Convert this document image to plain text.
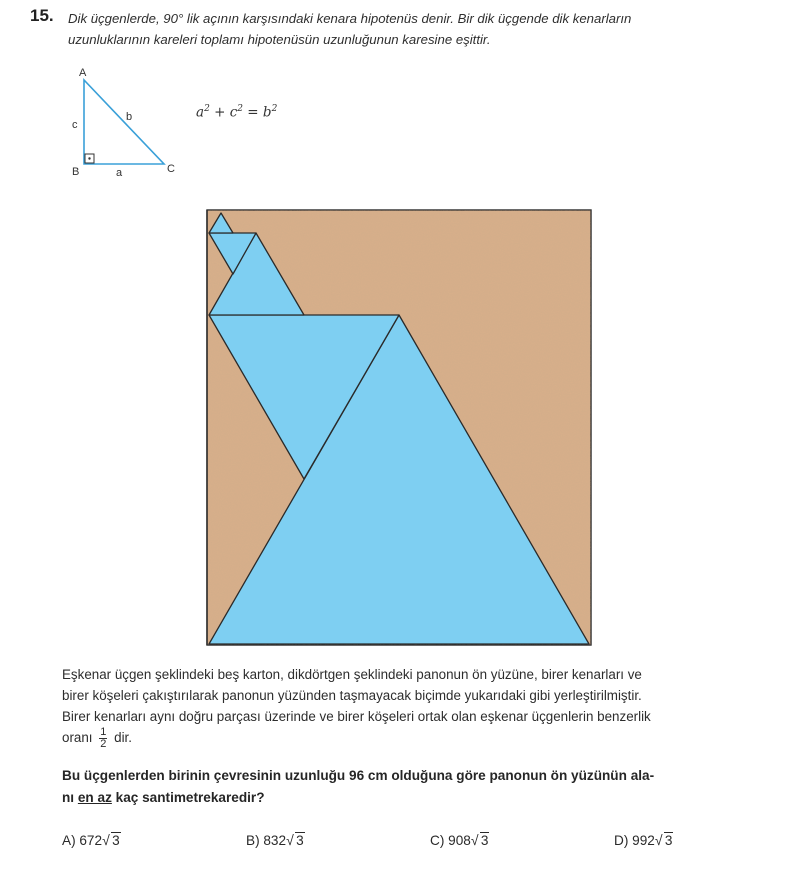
15. Dik üçgenlerde, 90° lik açının karşısındaki kenara hipotenüs denir. Bir dik üçgende dik kenarların
uzunluklarının kareleri toplamı hipotenüsün uzunluğunun karesine eşittir.
A
B	C
c
b
a
$a^2 + c^2 = b^2$
Eşkenar üçgen şeklindeki beş karton, dikdörtgen şeklindeki panonun ön yüzüne, birer kenarları ve
birer köşeleri çakıştırılarak panonun yüzünden taşmayacak biçimde yukarıdaki gibi yerleştirilmiştir.
Birer kenarları aynı doğru parçası üzerinde ve birer köşeleri ortak olan eşkenar üçgenlerin benzerlik
oranı $\frac{1}{2}$ dir.
Bu üçgenlerden birinin çevresinin uzunluğu 96 cm olduğuna göre panonun ön yüzünün ala-
nı en az kaç santimetrekaredir?
A) 672 √ 3	B) 832 √ 3	C) 908 √ 3	D) 992 √ 3
